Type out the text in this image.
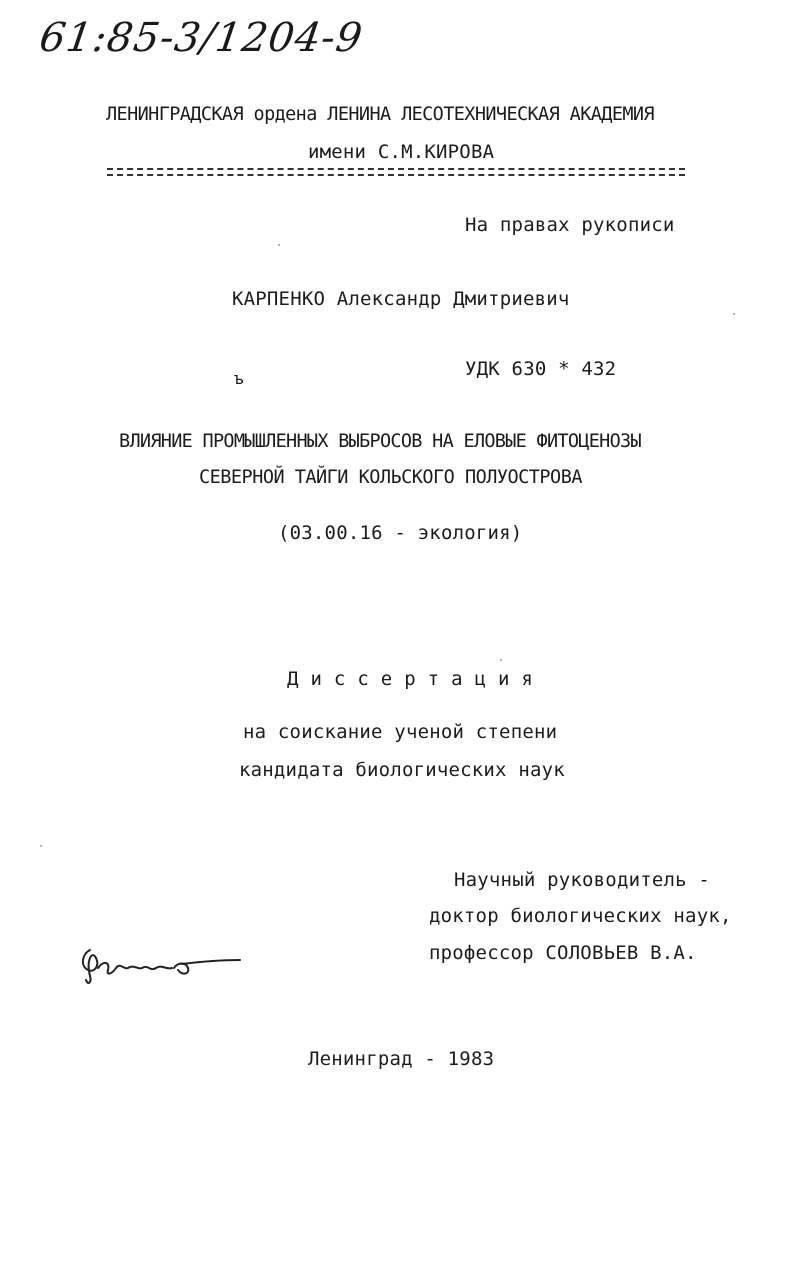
61:85-3/1204-9
ЛЕНИНГРАДСКАЯ ордена ЛЕНИНА ЛЕСОТЕХНИЧЕСКАЯ АКАДЕМИЯ
имени С.М.КИРОВА
На правах рукописи
КАРПЕНКО Александр Дмитриевич
ъ	УДК 630 * 432
ВЛИЯНИЕ ПРОМЫШЛЕННЫХ ВЫБРОСОВ НА ЕЛОВЫЕ ФИТОЦЕНОЗЫ
СЕВЕРНОЙ ТАЙГИ КОЛЬСКОГО ПОЛУОСТРОВА
(03.00.16 - экология)
Диссертация
на соискание ученой степени
кандидата биологических наук
Научный руководитель -
доктор биологических наук,
профессор СОЛОВЬЕВ В.А.
Ленинград - 1983
